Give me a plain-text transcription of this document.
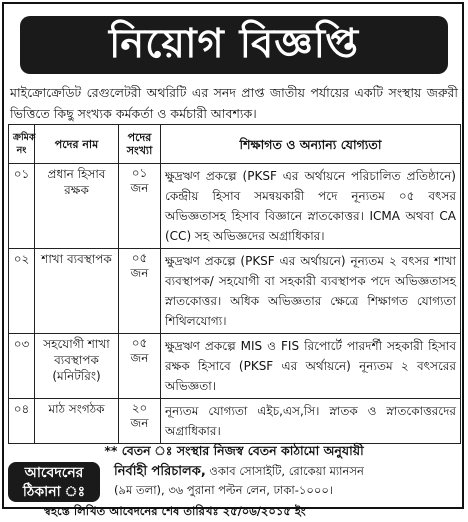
নিয়োগ বিজ্ঞপ্তি
মাইক্রোক্রেডিট রেগুলেটরী অথরিটি এর সনদ প্রাপ্ত জাতীয় পর্যায়ের একটি সংস্থায় জরুরী ভিত্তিতে কিছু সংখ্যক কর্মকর্তা ও কর্মচারী আবশ্যক।
ক্রমিক নং	পদের নাম	পদের সংখ্যা	শিক্ষাগত ও অন্যান্য যোগ্যতা
০১	প্রধান হিসাব রক্ষক	০১ জন	ক্ষুদ্রঋণ প্রকল্পে (PKSF এর অর্থায়নে পরিচালিত প্রতিষ্ঠানে) কেন্দ্রীয় হিসাব সমন্বয়কারী পদে নূন্যতম ০৫ বৎসর অভিজ্ঞতাসহ হিসাব বিজ্ঞানে স্নাতকোত্তর। ICMA অথবা CA (CC) সহ অভিজ্ঞদের অগ্রাধিকার।
০২	শাখা ব্যবস্থাপক	০৫ জন	ক্ষুদ্রঋণ প্রকল্পে (PKSF এর অর্থায়নে) নূন্যতম ২ বৎসর শাখা ব্যবস্থাপক/ সহযোগী বা সহকারী ব্যবস্থাপক পদে অভিজ্ঞতাসহ স্নাতকোত্তর। অধিক অভিজ্ঞতার ক্ষেত্রে শিক্ষাগত যোগ্যতা শিথিলযোগ্য।
০৩	সহযোগী শাখা ব্যবস্থাপক (মনিটরিং)	০৫ জন	ক্ষুদ্রঋণ প্রকল্পে MIS ও FIS রিপোর্টে পারদর্শী সহকারী হিসাব রক্ষক হিসাবে (PKSF এর অর্থায়নে) নূন্যতম ২ বৎসরের অভিজ্ঞতা।
০৪	মাঠ সংগঠক	২০ জন	নূন্যতম যোগ্যতা এইচ,এস,সি। স্নাতক ও স্নাতকোত্তরদের অগ্রাধিকার।
** বেতন ঃ সংস্থার নিজস্ব বেতন কাঠামো অনুযায়ী
আবেদনের
ঠিকানা ঃ
নির্বাহী পরিচালক, ওকাব সোসাইটি, রোকেয়া ম্যানসন
(৯ম তলা), ৩৬ পুরানা পল্টন লেন, ঢাকা-১০০০।
স্বহস্তে লিখিত আবেদনের শেষ তারিখঃ ২৫/০৬/২০১৫ ইং
